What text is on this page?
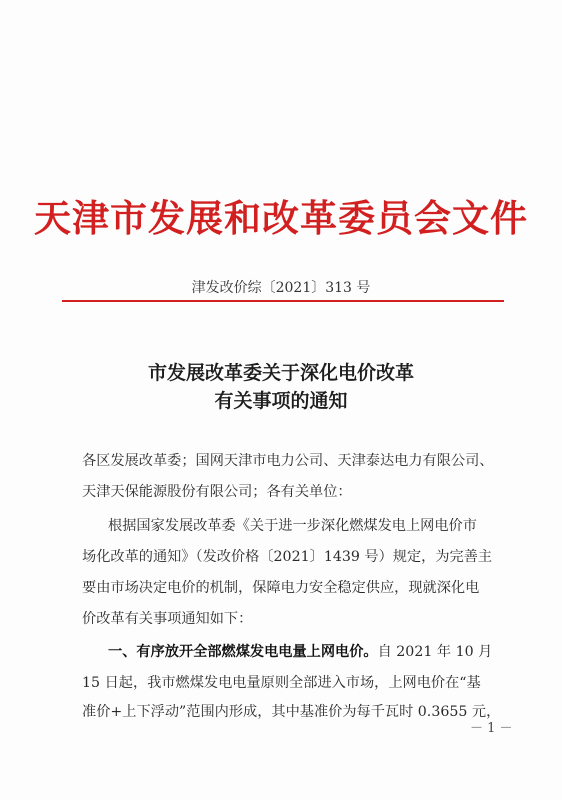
天津市发展和改革委员会文件
津发改价综〔2021〕313 号
市发展改革委关于深化电价改革
有关事项的通知
各区发展改革委；国网天津市电力公司、天津泰达电力有限公司、
天津天保能源股份有限公司；各有关单位：
根据国家发展改革委《关于进一步深化燃煤发电上网电价市
场化改革的通知》（发改价格〔2021〕1439 号）规定，为完善主
要由市场决定电价的机制，保障电力安全稳定供应，现就深化电
价改革有关事项通知如下：
一、有序放开全部燃煤发电电量上网电价。自 2021 年 10 月
15 日起，我市燃煤发电电量原则全部进入市场，上网电价在“基
准价+上下浮动”范围内形成，其中基准价为每千瓦时 0.3655 元，
－ 1 －
